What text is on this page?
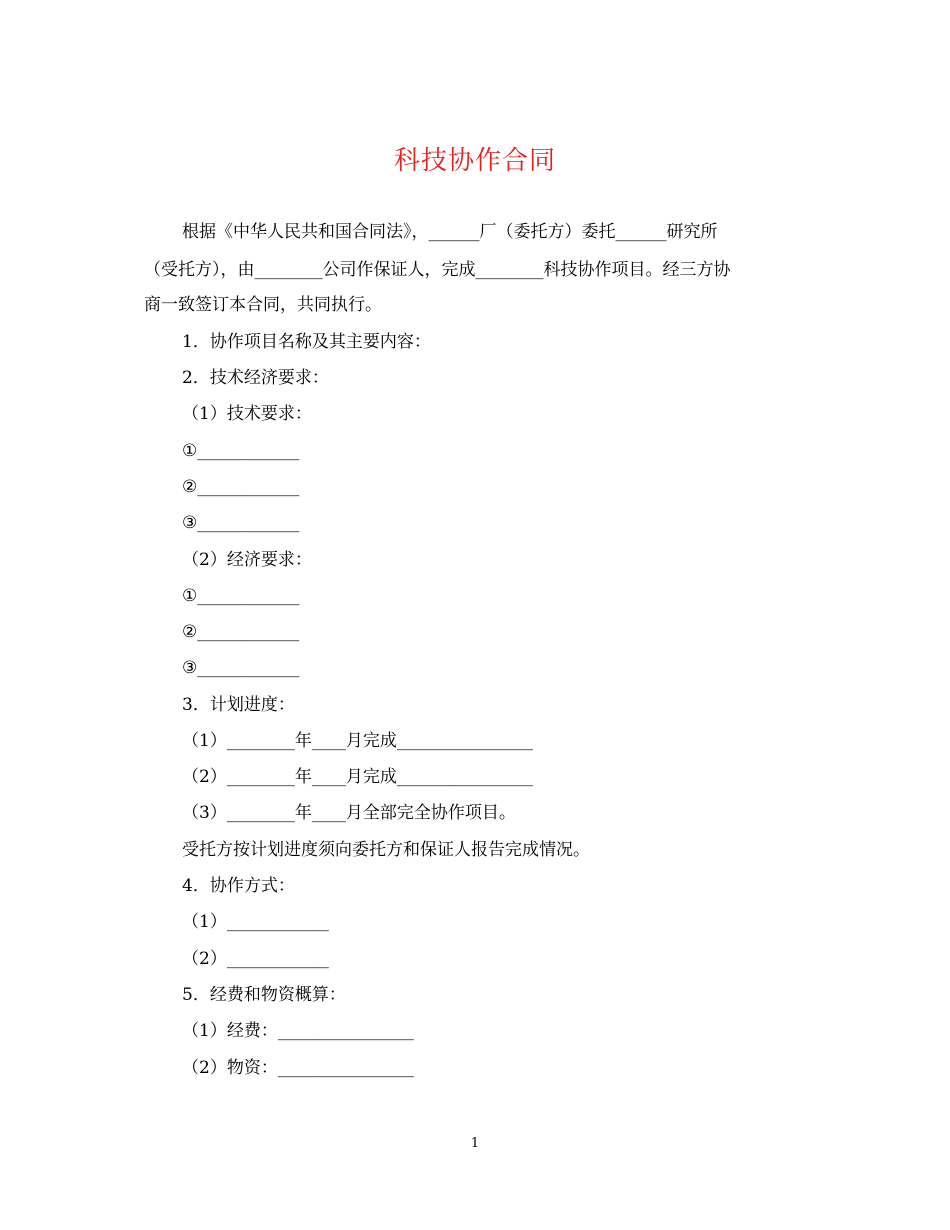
科技协作合同
根据《中华人民共和国合同法》，______厂（委托方）委托______研究所
（受托方），由________公司作保证人，完成________科技协作项目。经三方协
商一致签订本合同，共同执行。
1．协作项目名称及其主要内容：
2．技术经济要求：
（1）技术要求：
①____________
②____________
③____________
（2）经济要求：
①____________
②____________
③____________
3．计划进度：
（1）________年____月完成________________
（2）________年____月完成________________
（3）________年____月全部完全协作项目。
受托方按计划进度须向委托方和保证人报告完成情况。
4．协作方式：
（1）____________
（2）____________
5．经费和物资概算：
（1）经费：________________
（2）物资：________________
1
